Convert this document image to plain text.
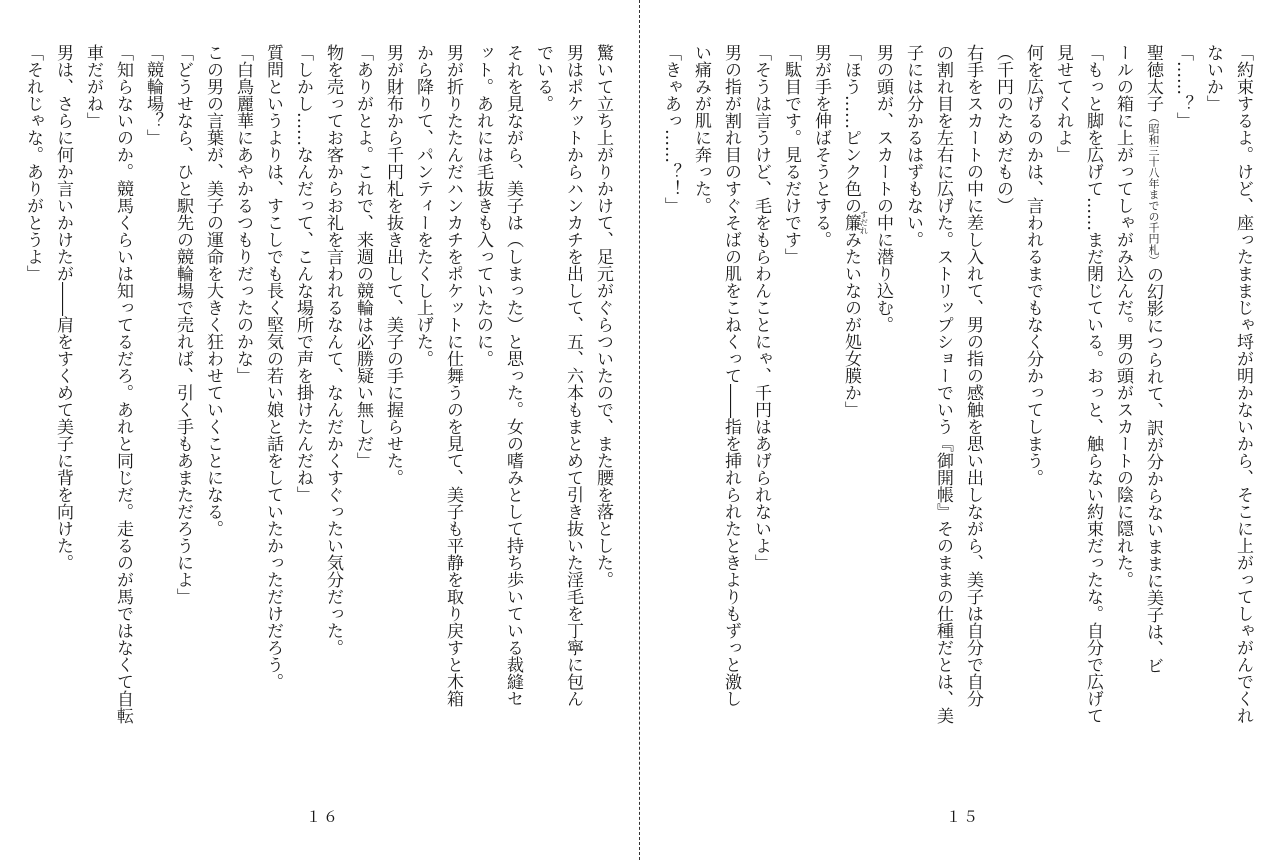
驚いて立ち上がりかけて、足元がぐらついたので、また腰を落とした。
男はポケットからハンカチを出して、五、六本もまとめて引き抜いた淫毛を丁寧に包ん
でいる。
それを見ながら、美子は（しまった）と思った。女の嗜みとして持ち歩いている裁縫セ
ット。あれには毛抜きも入っていたのに。
男が折りたたんだハンカチをポケットに仕舞うのを見て、美子も平静を取り戻すと木箱
から降りて、パンティーをたくし上げた。
男が財布から千円札を抜き出して、美子の手に握らせた。
「ありがとよ。これで、来週の競輪は必勝疑い無しだ」
物を売ってお客からお礼を言われるなんて、なんだかくすぐったい気分だった。
「しかし……なんだって、こんな場所で声を掛けたんだね」
質問というよりは、すこしでも長く堅気の若い娘と話をしていたかっただけだろう。
「白鳥麗華にあやかるつもりだったのかな」
この男の言葉が、美子の運命を大きく狂わせていくことになる。
「どうせなら、ひと駅先の競輪場で売れば、引く手もあまただろうによ」
「競輪場？」
「知らないのか。競馬くらいは知ってるだろ。あれと同じだ。走るのが馬ではなくて自転
車だがね」
男は、さらに何か言いかけたが――肩をすくめて美子に背を向けた。
「それじゃな。ありがとうよ」
１６
「約束するよ。けど、座ったままじゃ埒が明かないから、そこに上がってしゃがんでくれ
ないか」
「……？」
聖徳太子（昭和三十八年までの千円札）の幻影につられて、訳が分からないままに美子は、ビ
ールの箱に上がってしゃがみ込んだ。男の頭がスカートの陰に隠れた。
「もっと脚を広げて……まだ閉じている。おっと、触らない約束だったな。自分で広げて
見せてくれよ」
何を広げるのかは、言われるまでもなく分かってしまう。
（千円のためだもの）
右手をスカートの中に差し入れて、男の指の感触を思い出しながら、美子は自分で自分
の割れ目を左右に広げた。ストリップショーでいう『御開帳』そのままの仕種だとは、美
子には分かるはずもない。
男の頭が、スカートの中に潜り込む。
「ほう……ピンク色の簾すだれみたいなのが処女膜か」
男が手を伸ばそうとする。
「駄目です。見るだけです」
「そうは言うけど、毛をもらわんことにゃ、千円はあげられないよ」
男の指が割れ目のすぐそばの肌をこねくって――指を挿れられたときよりもずっと激し
い痛みが肌に奔った。
「きゃあっ……？！」
１５
